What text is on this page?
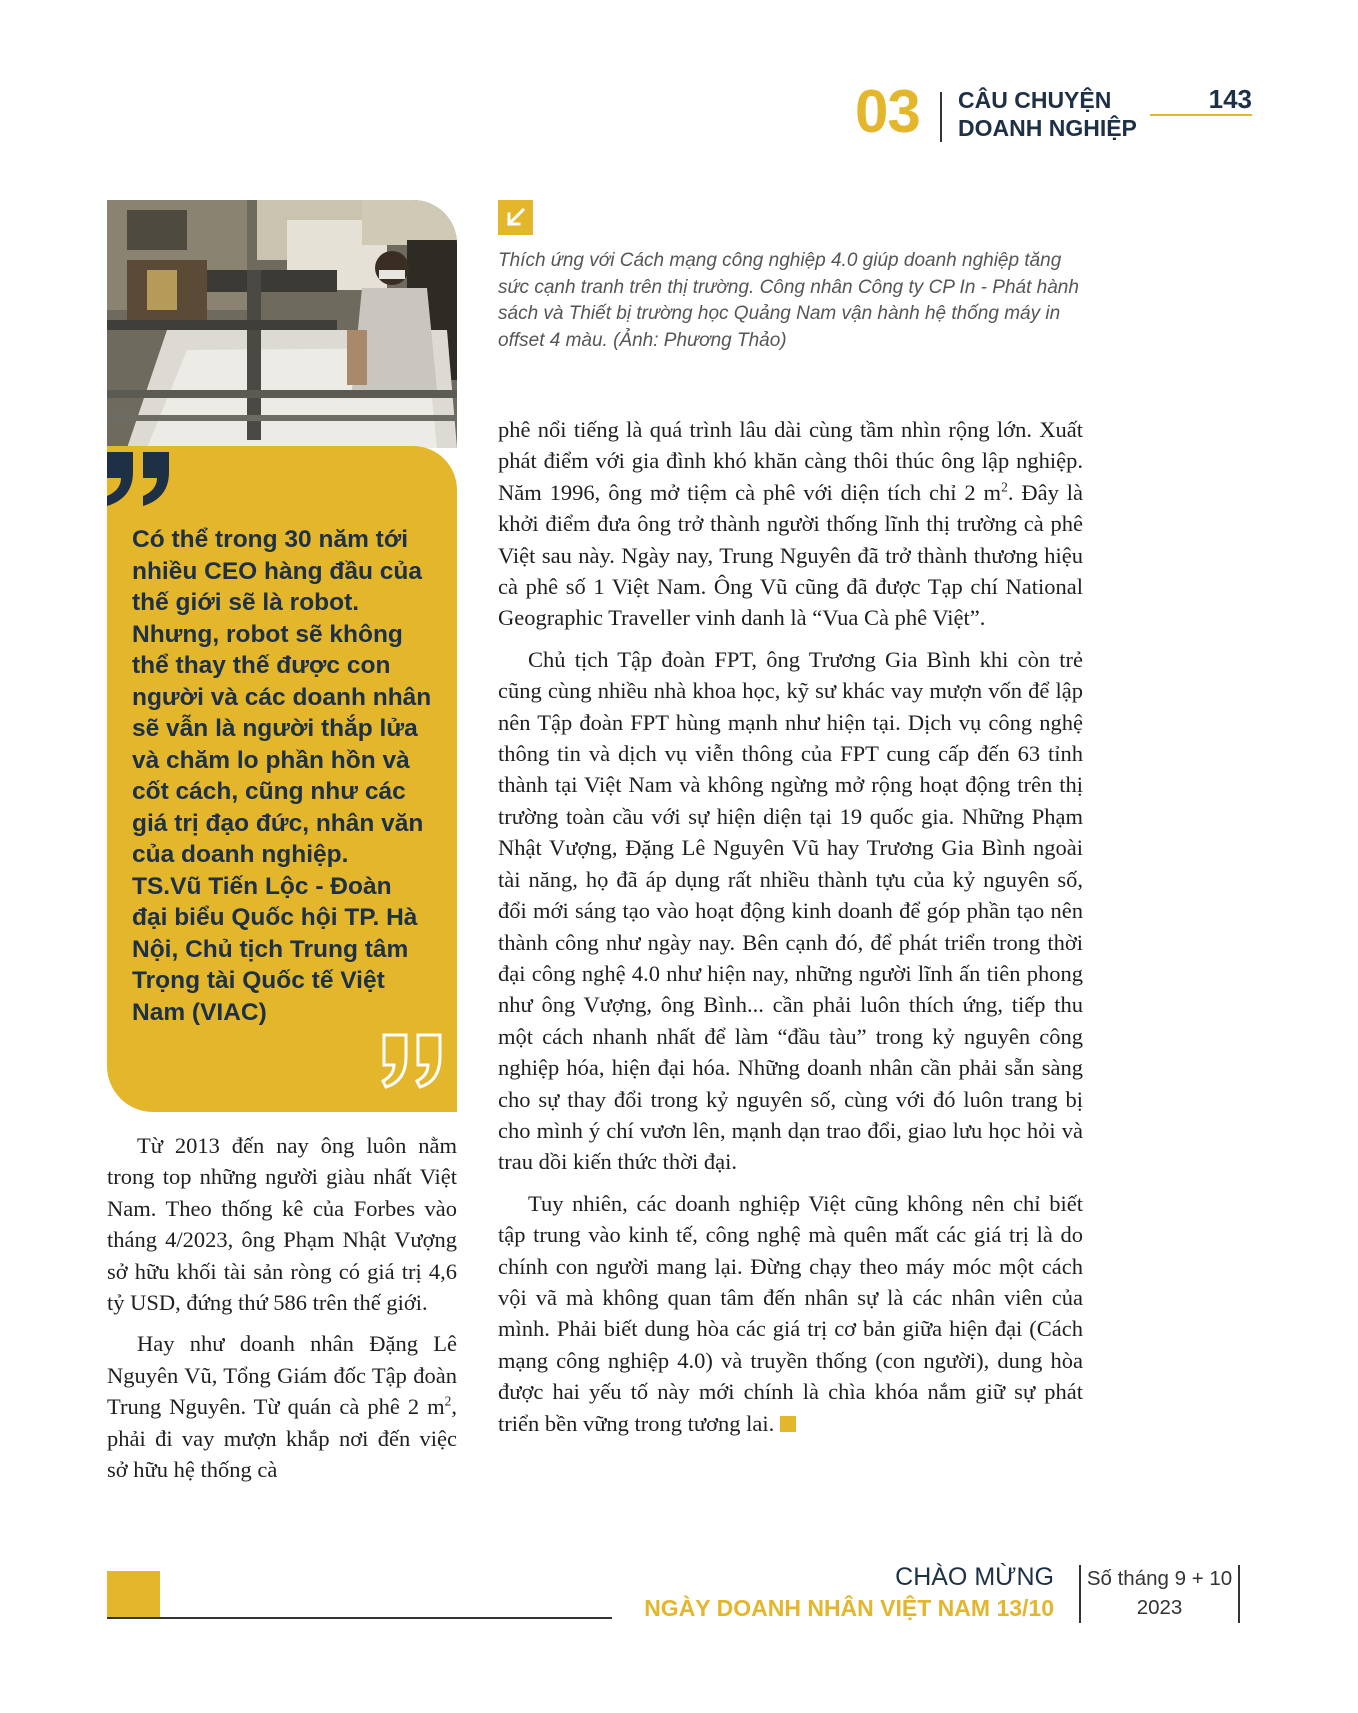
03 CÂU CHUYỆN
DOANH NGHIỆP
143
Có thể trong 30 năm tới nhiều CEO hàng đầu của thế giới sẽ là robot. Nhưng, robot sẽ không thể thay thế được con người và các doanh nhân sẽ vẫn là người thắp lửa và chăm lo phần hồn và cốt cách, cũng như các giá trị đạo đức, nhân văn của doanh nghiệp.
TS.Vũ Tiến Lộc - Đoàn đại biểu Quốc hội TP. Hà Nội, Chủ tịch Trung tâm Trọng tài Quốc tế Việt Nam (VIAC)
Thích ứng với Cách mạng công nghiệp 4.0 giúp doanh nghiệp tăng sức cạnh tranh trên thị trường. Công nhân Công ty CP In - Phát hành sách và Thiết bị trường học Quảng Nam vận hành hệ thống máy in offset 4 màu. (Ảnh: Phương Thảo)

Từ 2013 đến nay ông luôn nằm trong top những người giàu nhất Việt Nam. Theo thống kê của Forbes vào tháng 4/2023, ông Phạm Nhật Vượng sở hữu khối tài sản ròng có giá trị 4,6 tỷ USD, đứng thứ 586 trên thế giới.

Hay như doanh nhân Đặng Lê Nguyên Vũ, Tổng Giám đốc Tập đoàn Trung Nguyên. Từ quán cà phê 2 $m^2$, phải đi vay mượn khắp nơi đến việc sở hữu hệ thống cà

phê nổi tiếng là quá trình lâu dài cùng tầm nhìn rộng lớn. Xuất phát điểm với gia đình khó khăn càng thôi thúc ông lập nghiệp. Năm 1996, ông mở tiệm cà phê với diện tích chỉ 2 $m^2$. Đây là khởi điểm đưa ông trở thành người thống lĩnh thị trường cà phê Việt sau này. Ngày nay, Trung Nguyên đã trở thành thương hiệu cà phê số 1 Việt Nam. Ông Vũ cũng đã được Tạp chí National Geographic Traveller vinh danh là “Vua Cà phê Việt”.

Chủ tịch Tập đoàn FPT, ông Trương Gia Bình khi còn trẻ cũng cùng nhiều nhà khoa học, kỹ sư khác vay mượn vốn để lập nên Tập đoàn FPT hùng mạnh như hiện tại. Dịch vụ công nghệ thông tin và dịch vụ viễn thông của FPT cung cấp đến 63 tỉnh thành tại Việt Nam và không ngừng mở rộng hoạt động trên thị trường toàn cầu với sự hiện diện tại 19 quốc gia. Những Phạm Nhật Vượng, Đặng Lê Nguyên Vũ hay Trương Gia Bình ngoài tài năng, họ đã áp dụng rất nhiều thành tựu của kỷ nguyên số, đổi mới sáng tạo vào hoạt động kinh doanh để góp phần tạo nên thành công như ngày nay. Bên cạnh đó, để phát triển trong thời đại công nghệ 4.0 như hiện nay, những người lĩnh ấn tiên phong như ông Vượng, ông Bình... cần phải luôn thích ứng, tiếp thu một cách nhanh nhất để làm “đầu tàu” trong kỷ nguyên công nghiệp hóa, hiện đại hóa. Những doanh nhân cần phải sẵn sàng cho sự thay đổi trong kỷ nguyên số, cùng với đó luôn trang bị cho mình ý chí vươn lên, mạnh dạn trao đổi, giao lưu học hỏi và trau dồi kiến thức thời đại.

Tuy nhiên, các doanh nghiệp Việt cũng không nên chỉ biết tập trung vào kinh tế, công nghệ mà quên mất các giá trị là do chính con người mang lại. Đừng chạy theo máy móc một cách vội vã mà không quan tâm đến nhân sự là các nhân viên của mình. Phải biết dung hòa các giá trị cơ bản giữa hiện đại (Cách mạng công nghiệp 4.0) và truyền thống (con người), dung hòa được hai yếu tố này mới chính là chìa khóa nắm giữ sự phát triển bền vững trong tương lai.

CHÀO MỪNG
NGÀY DOANH NHÂN VIỆT NAM 13/10
Số tháng 9 + 10
2023
